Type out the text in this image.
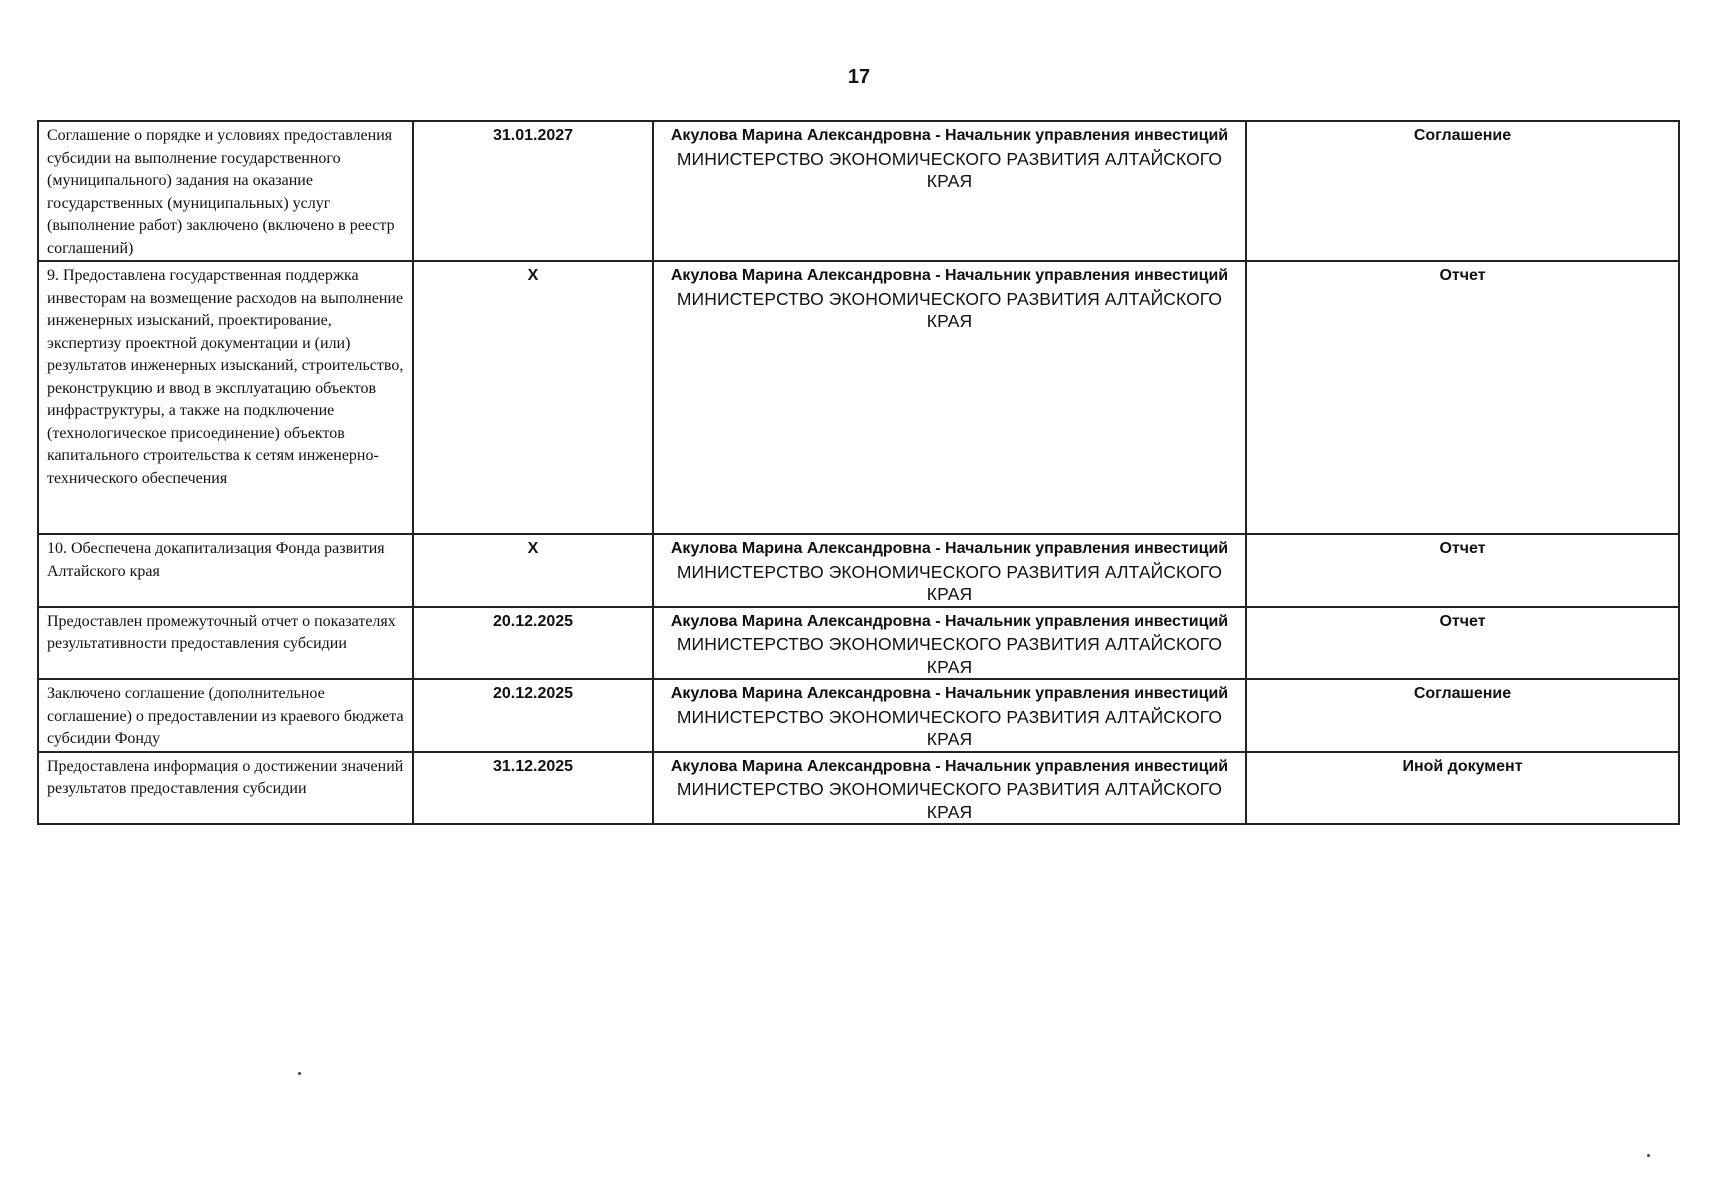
17
Соглашение о порядке и условиях предоставления субсидии на выполнение государственного (муниципального) задания на оказание государственных (муниципальных) услуг (выполнение работ) заключено (включено в реестр соглашений)	31.01.2027	Акулова Марина Александровна - Начальник управления инвестиций
МИНИСТЕРСТВО ЭКОНОМИЧЕСКОГО РАЗВИТИЯ АЛТАЙСКОГО КРАЯ	Соглашение
9. Предоставлена государственная поддержка инвесторам на возмещение расходов на выполнение инженерных изысканий, проектирование, экспертизу проектной документации и (или) результатов инженерных изысканий, строительство, реконструкцию и ввод в эксплуатацию объектов инфраструктуры, а также на подключение (технологическое присоединение) объектов капитального строительства к сетям инженерно-технического обеспечения	X	Акулова Марина Александровна - Начальник управления инвестиций
МИНИСТЕРСТВО ЭКОНОМИЧЕСКОГО РАЗВИТИЯ АЛТАЙСКОГО КРАЯ	Отчет
10. Обеспечена докапитализация Фонда развития Алтайского края	X	Акулова Марина Александровна - Начальник управления инвестиций
МИНИСТЕРСТВО ЭКОНОМИЧЕСКОГО РАЗВИТИЯ АЛТАЙСКОГО КРАЯ	Отчет
Предоставлен промежуточный отчет о показателях результативности предоставления субсидии	20.12.2025	Акулова Марина Александровна - Начальник управления инвестиций
МИНИСТЕРСТВО ЭКОНОМИЧЕСКОГО РАЗВИТИЯ АЛТАЙСКОГО КРАЯ	Отчет
Заключено соглашение (дополнительное соглашение) о предоставлении из краевого бюджета субсидии Фонду	20.12.2025	Акулова Марина Александровна - Начальник управления инвестиций
МИНИСТЕРСТВО ЭКОНОМИЧЕСКОГО РАЗВИТИЯ АЛТАЙСКОГО КРАЯ	Соглашение
Предоставлена информация о достижении значений результатов предоставления субсидии	31.12.2025	Акулова Марина Александровна - Начальник управления инвестиций
МИНИСТЕРСТВО ЭКОНОМИЧЕСКОГО РАЗВИТИЯ АЛТАЙСКОГО КРАЯ	Иной документ
